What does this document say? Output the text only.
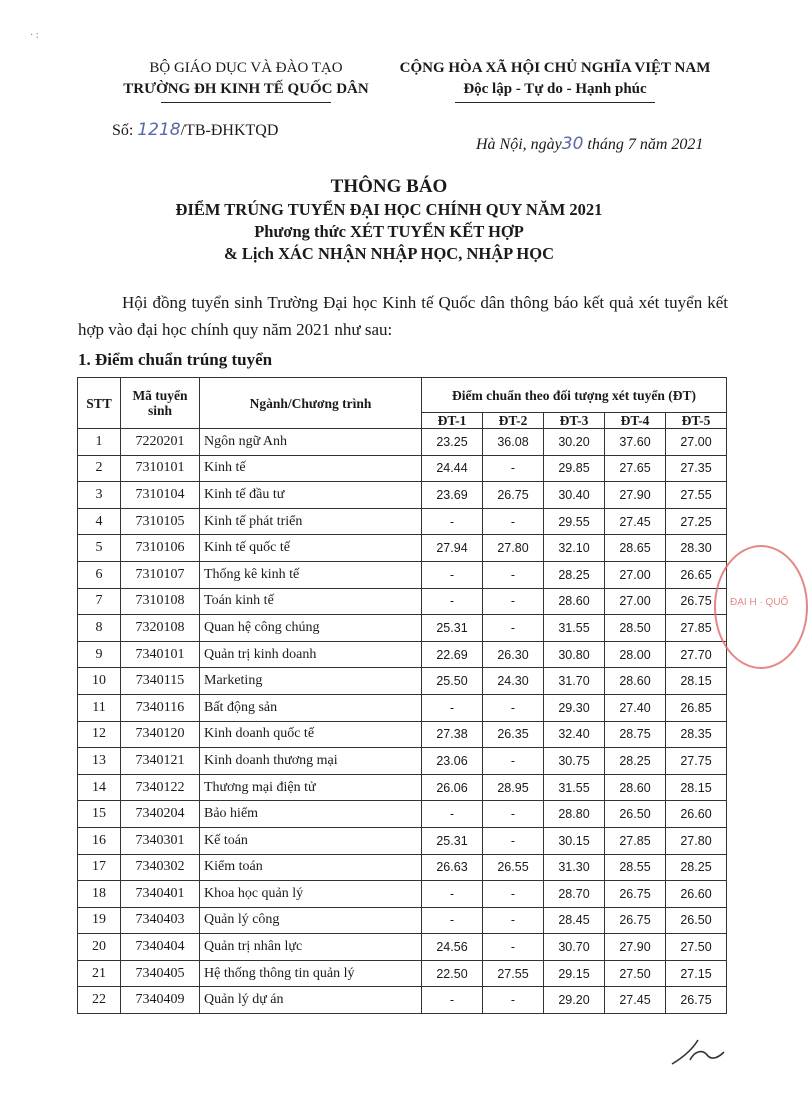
· :
BỘ GIÁO DỤC VÀ ĐÀO TẠO
TRƯỜNG ĐH KINH TẾ QUỐC DÂN
CỘNG HÒA XÃ HỘI CHỦ NGHĨA VIỆT NAM
Độc lập - Tự do - Hạnh phúc
Số: 1218/TB-ĐHKTQD
Hà Nội, ngày30 tháng 7 năm 2021
THÔNG BÁO
ĐIỂM TRÚNG TUYỂN ĐẠI HỌC CHÍNH QUY NĂM 2021
Phương thức XÉT TUYỂN KẾT HỢP
& Lịch XÁC NHẬN NHẬP HỌC, NHẬP HỌC
Hội đồng tuyển sinh Trường Đại học Kinh tế Quốc dân thông báo kết quả xét tuyển kết hợp vào đại học chính quy năm 2021 như sau:
1. Điểm chuẩn trúng tuyển
STT	Mã tuyển sinh	Ngành/Chương trình	Điểm chuẩn theo đối tượng xét tuyển (ĐT)				
			ĐT-1	ĐT-2	ĐT-3	ĐT-4	ĐT-5
1	7220201	Ngôn ngữ Anh	23.25	36.08	30.20	37.60	27.00
2	7310101	Kinh tế	24.44	-	29.85	27.65	27.35
3	7310104	Kinh tế đầu tư	23.69	26.75	30.40	27.90	27.55
4	7310105	Kinh tế phát triển	-	-	29.55	27.45	27.25
5	7310106	Kinh tế quốc tế	27.94	27.80	32.10	28.65	28.30
6	7310107	Thống kê kinh tế	-	-	28.25	27.00	26.65
7	7310108	Toán kinh tế	-	-	28.60	27.00	26.75
8	7320108	Quan hệ công chúng	25.31	-	31.55	28.50	27.85
9	7340101	Quản trị kinh doanh	22.69	26.30	30.80	28.00	27.70
10	7340115	Marketing	25.50	24.30	31.70	28.60	28.15
11	7340116	Bất động sản	-	-	29.30	27.40	26.85
12	7340120	Kinh doanh quốc tế	27.38	26.35	32.40	28.75	28.35
13	7340121	Kinh doanh thương mại	23.06	-	30.75	28.25	27.75
14	7340122	Thương mại điện tử	26.06	28.95	31.55	28.60	28.15
15	7340204	Bảo hiểm	-	-	28.80	26.50	26.60
16	7340301	Kế toán	25.31	-	30.15	27.85	27.80
17	7340302	Kiểm toán	26.63	26.55	31.30	28.55	28.25
18	7340401	Khoa học quản lý	-	-	28.70	26.75	26.60
19	7340403	Quản lý công	-	-	28.45	26.75	26.50
20	7340404	Quản trị nhân lực	24.56	-	30.70	27.90	27.50
21	7340405	Hệ thống thông tin quản lý	22.50	27.55	29.15	27.50	27.15
22	7340409	Quản lý dự án	-	-	29.20	27.45	26.75
ĐẠI H · QUỐ
